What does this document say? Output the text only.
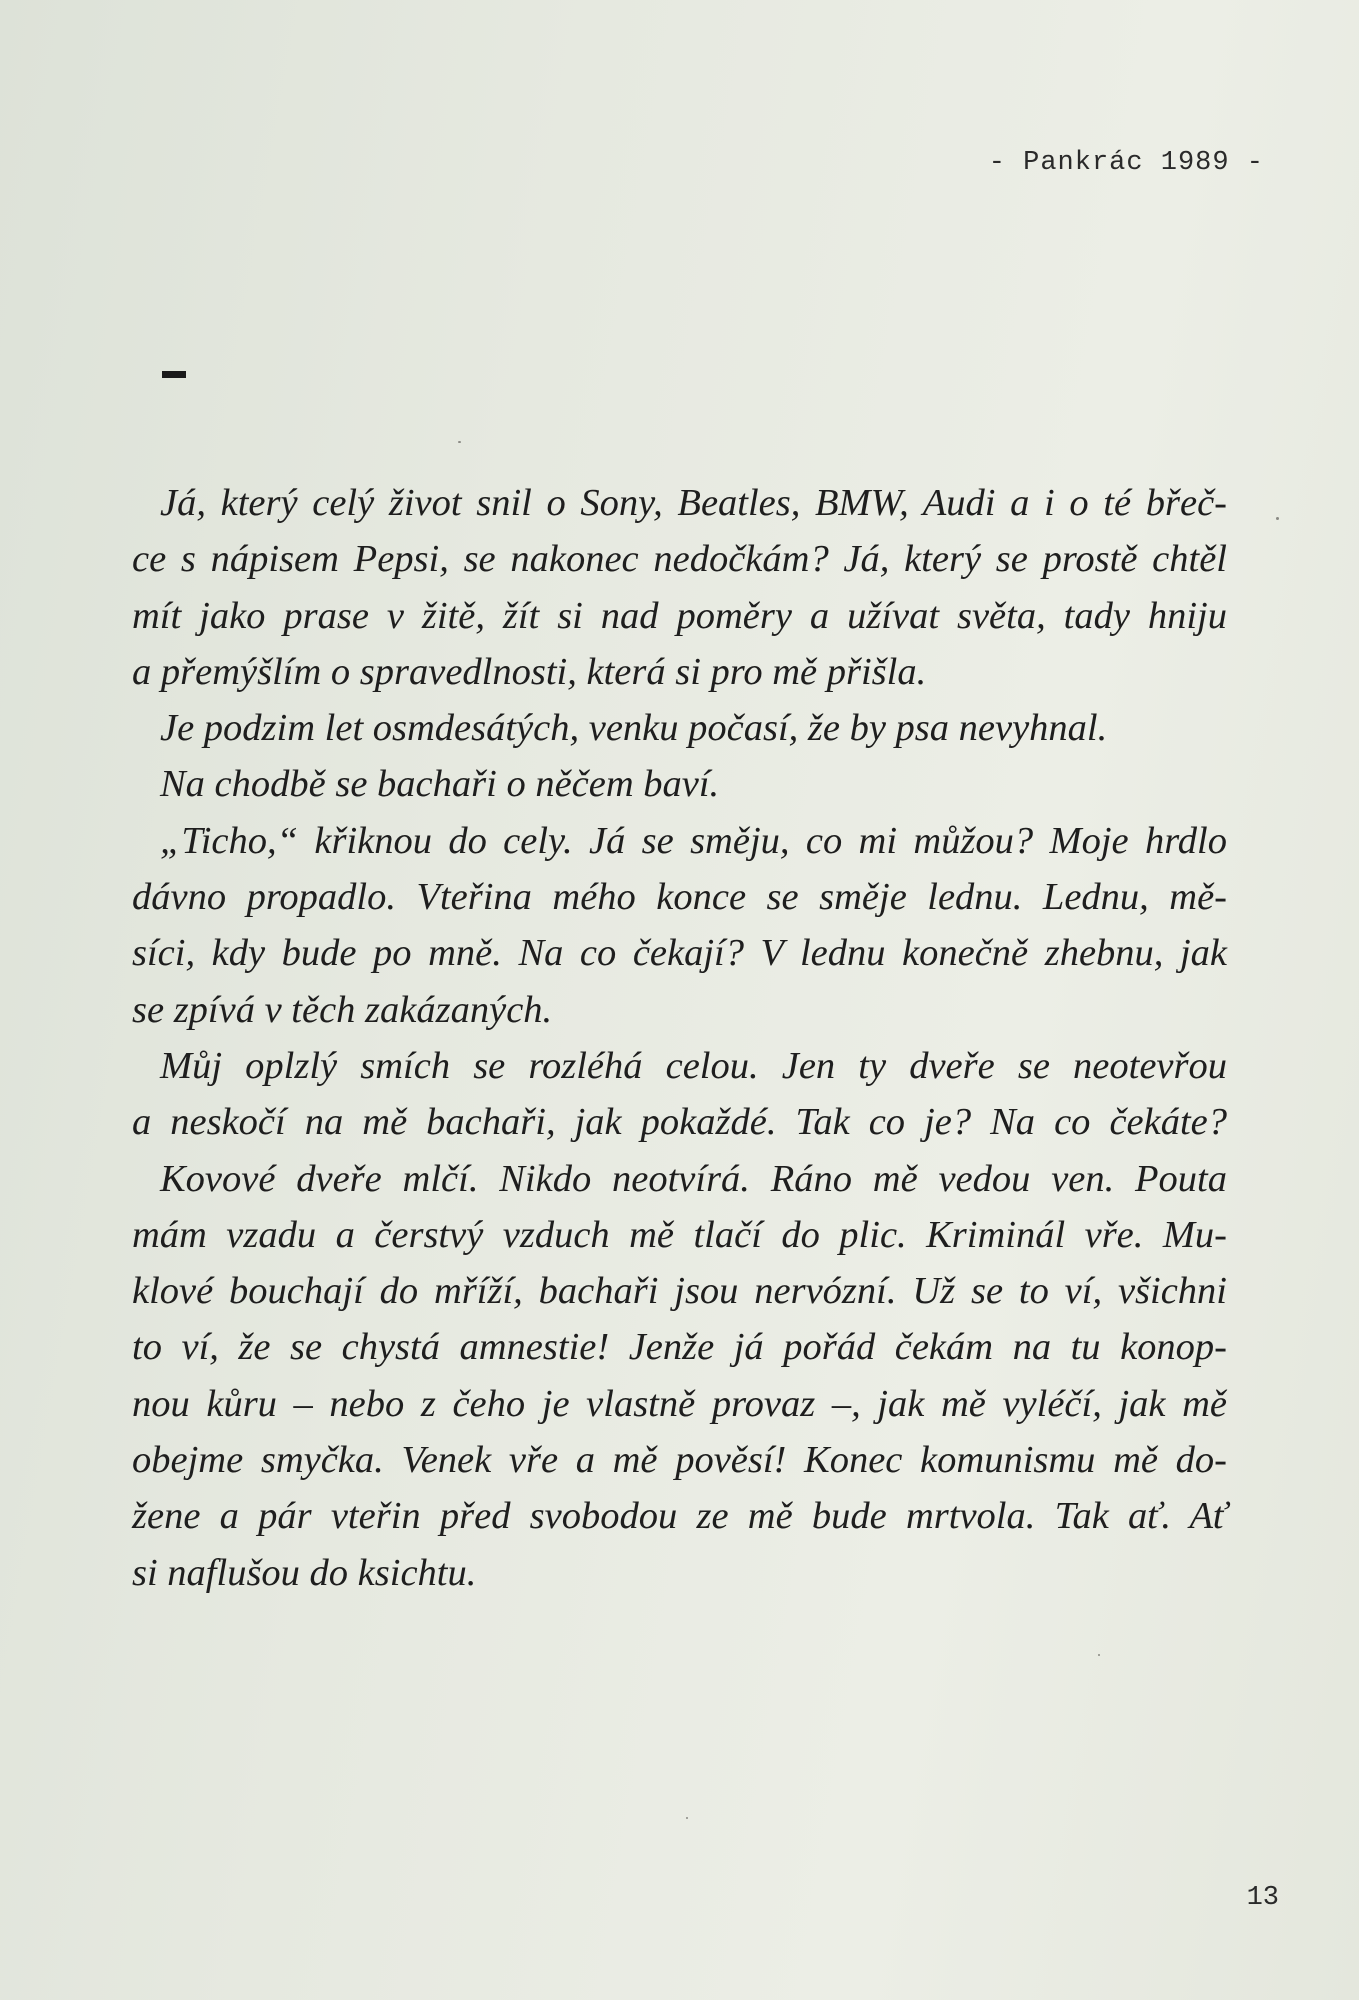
- Pankrác 1989 -
Já, který celý život snil o Sony, Beatles, BMW, Audi a i o té břeč-
ce s nápisem Pepsi, se nakonec nedočkám? Já, který se prostě chtěl
mít jako prase v žitě, žít si nad poměry a užívat světa, tady hniju
a přemýšlím o spravedlnosti, která si pro mě přišla.
Je podzim let osmdesátých, venku počasí, že by psa nevyhnal.
Na chodbě se bachaři o něčem baví.
„Ticho,“ křiknou do cely. Já se směju, co mi můžou? Moje hrdlo
dávno propadlo. Vteřina mého konce se směje lednu. Lednu, mě-
síci, kdy bude po mně. Na co čekají? V lednu konečně zhebnu, jak
se zpívá v těch zakázaných.
Můj oplzlý smích se rozléhá celou. Jen ty dveře se neotevřou
a neskočí na mě bachaři, jak pokaždé. Tak co je? Na co čekáte?
Kovové dveře mlčí. Nikdo neotvírá. Ráno mě vedou ven. Pouta
mám vzadu a čerstvý vzduch mě tlačí do plic. Kriminál vře. Mu-
klové bouchají do mříží, bachaři jsou nervózní. Už se to ví, všichni
to ví, že se chystá amnestie! Jenže já pořád čekám na tu konop-
nou kůru – nebo z čeho je vlastně provaz –, jak mě vyléčí, jak mě
obejme smyčka. Venek vře a mě pověsí! Konec komunismu mě do-
žene a pár vteřin před svobodou ze mě bude mrtvola. Tak ať. Ať
si naflušou do ksichtu.
13
